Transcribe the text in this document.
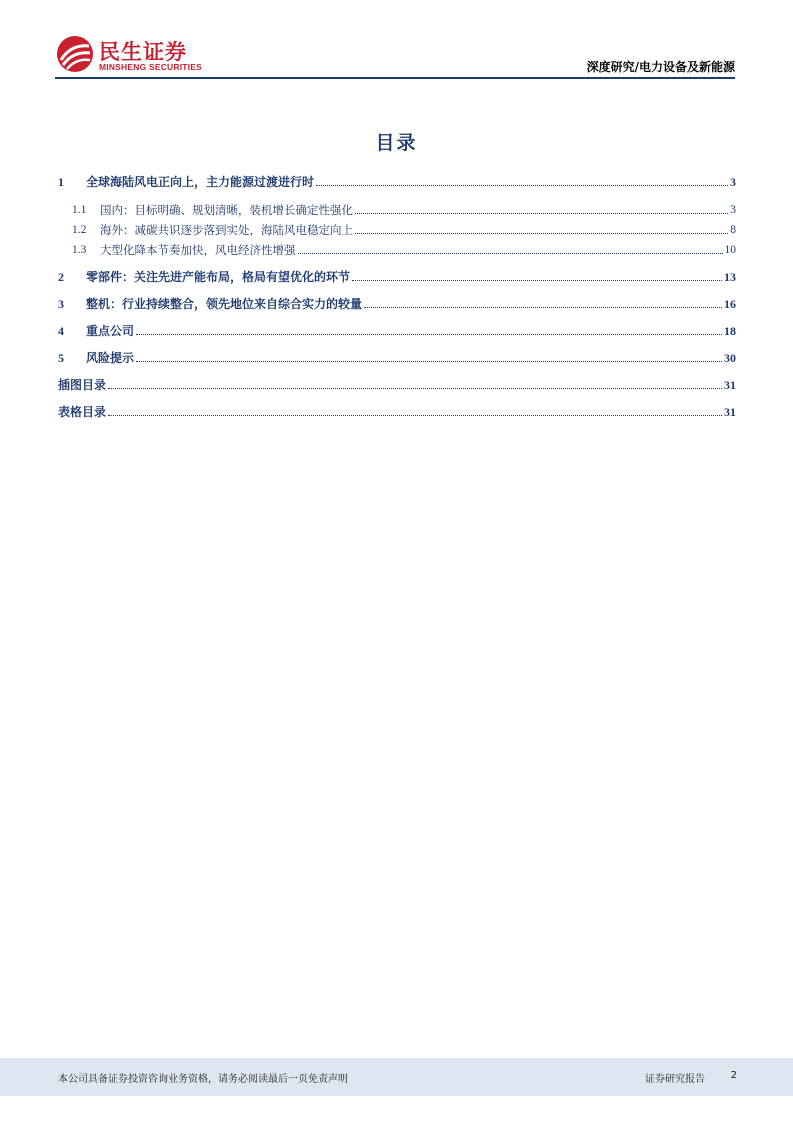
民生证券
MINSHENG SECURITIES	深度研究/电力设备及新能源
目录
1	全球海陆风电正向上，主力能源过渡进行时	3
1.1	国内：目标明确、规划清晰，装机增长确定性强化	3
1.2	海外：减碳共识逐步落到实处，海陆风电稳定向上	8
1.3	大型化降本节奏加快，风电经济性增强	10
2	零部件：关注先进产能布局，格局有望优化的环节	13
3	整机：行业持续整合，领先地位来自综合实力的较量	16
4	重点公司	18
5	风险提示	30
插图目录	31
表格目录	31
本公司具备证券投资咨询业务资格，请务必阅读最后一页免责声明	证券研究报告	2
